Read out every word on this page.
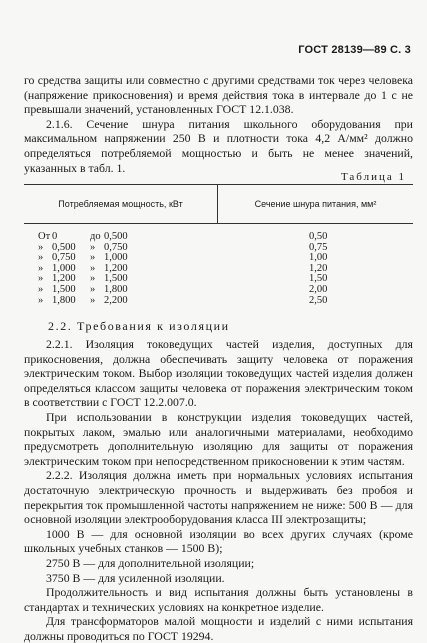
ГОСТ 28139—89 С. 3

го средства защиты или совместно с другими средствами ток через человека (напряжение прикосновения) и время действия тока в интервале до 1 с не превышали значений, установленных ГОСТ 12.1.038.

2.1.6. Сечение шнура питания школьного оборудования при максимальном напряжении 250 В и плотности тока 4,2 А/мм² должно определяться потребляемой мощностью и быть не менее значений, указанных в табл. 1.

Таблица 1
Потребляемая мощность, кВт	Сечение шнура питания, мм²
От 0	до 0,500	0,50
» 0,500 » 0,750	0,75
» 0,750 » 1,000	1,00
» 1,000 » 1,200	1,20
» 1,200 » 1,500	1,50
» 1,500 » 1,800	2,00
» 1,800 » 2,200	2,50
2.2. Требования к изоляции

2.2.1. Изоляция токоведущих частей изделия, доступных для прикосновения, должна обеспечивать защиту человека от поражения электрическим током. Выбор изоляции токоведущих частей изделия должен определяться классом защиты человека от поражения электрическим током в соответствии с ГОСТ 12.2.007.0.

При использовании в конструкции изделия токоведущих частей, покрытых лаком, эмалью или аналогичными материалами, необходимо предусмотреть дополнительную изоляцию для защиты от поражения электрическим током при непосредственном прикосновении к этим частям.

2.2.2. Изоляция должна иметь при нормальных условиях испытания достаточную электрическую прочность и выдерживать без пробоя и перекрытия ток промышленной частоты напряжением не ниже: 500 В — для основной изоляции электрооборудования класса III электрозащиты;

1000 В — для основной изоляции во всех других случаях (кроме школьных учебных станков — 1500 В);

2750 В — для дополнительной изоляции;

3750 В — для усиленной изоляции.

Продолжительность и вид испытания должны быть установлены в стандартах и технических условиях на конкретное изделие.

Для трансформаторов малой мощности и изделий с ними испытания должны проводиться по ГОСТ 19294.
